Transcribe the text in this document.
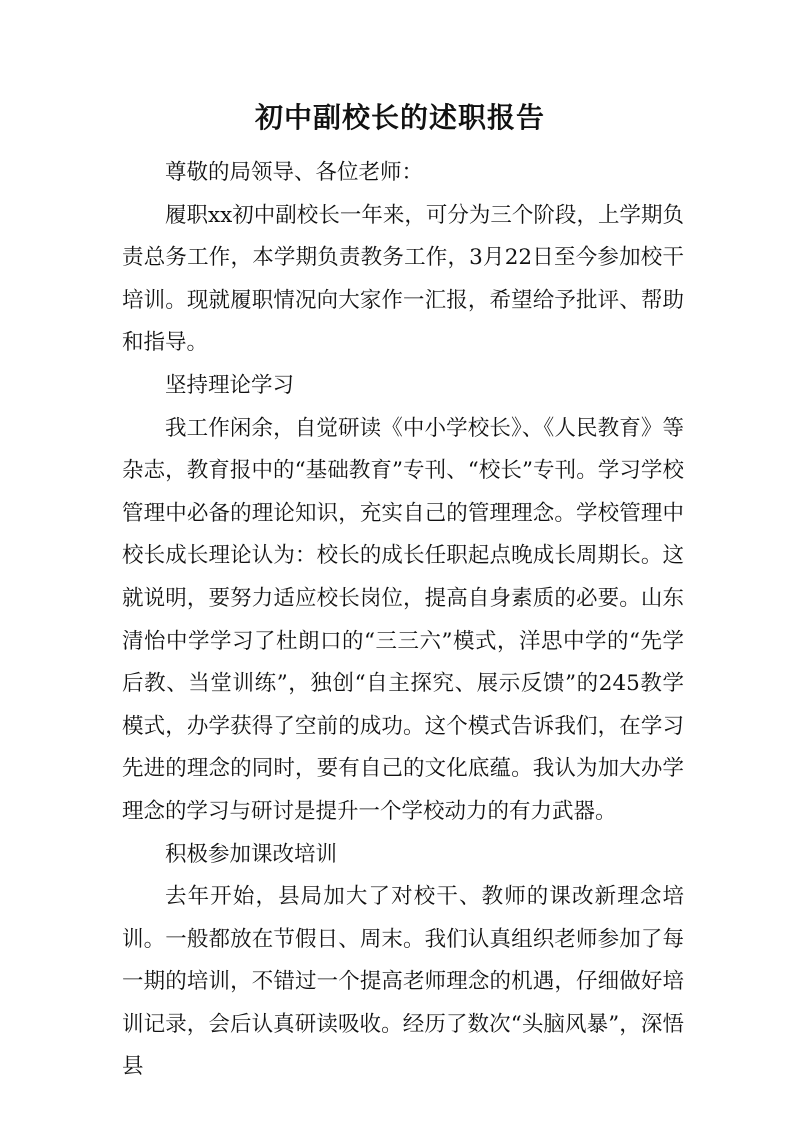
初中副校长的述职报告

尊敬的局领导、各位老师：

履职xx初中副校长一年来，可分为三个阶段，上学期负责总务工作，本学期负责教务工作，3月22日至今参加校干培训。现就履职情况向大家作一汇报，希望给予批评、帮助和指导。

坚持理论学习

我工作闲余，自觉研读《中小学校长》、《人民教育》等杂志，教育报中的“基础教育”专刊、“校长”专刊。学习学校管理中必备的理论知识，充实自己的管理理念。学校管理中校长成长理论认为：校长的成长任职起点晚成长周期长。这就说明，要努力适应校长岗位，提高自身素质的必要。山东清怡中学学习了杜朗口的“三三六”模式，洋思中学的“先学后教、当堂训练”，独创“自主探究、展示反馈”的245教学模式，办学获得了空前的成功。这个模式告诉我们，在学习先进的理念的同时，要有自己的文化底蕴。我认为加大办学理念的学习与研讨是提升一个学校动力的有力武器。

积极参加课改培训

去年开始，县局加大了对校干、教师的课改新理念培训。一般都放在节假日、周末。我们认真组织老师参加了每一期的培训，不错过一个提高老师理念的机遇，仔细做好培训记录，会后认真研读吸收。经历了数次“头脑风暴”，深悟县
